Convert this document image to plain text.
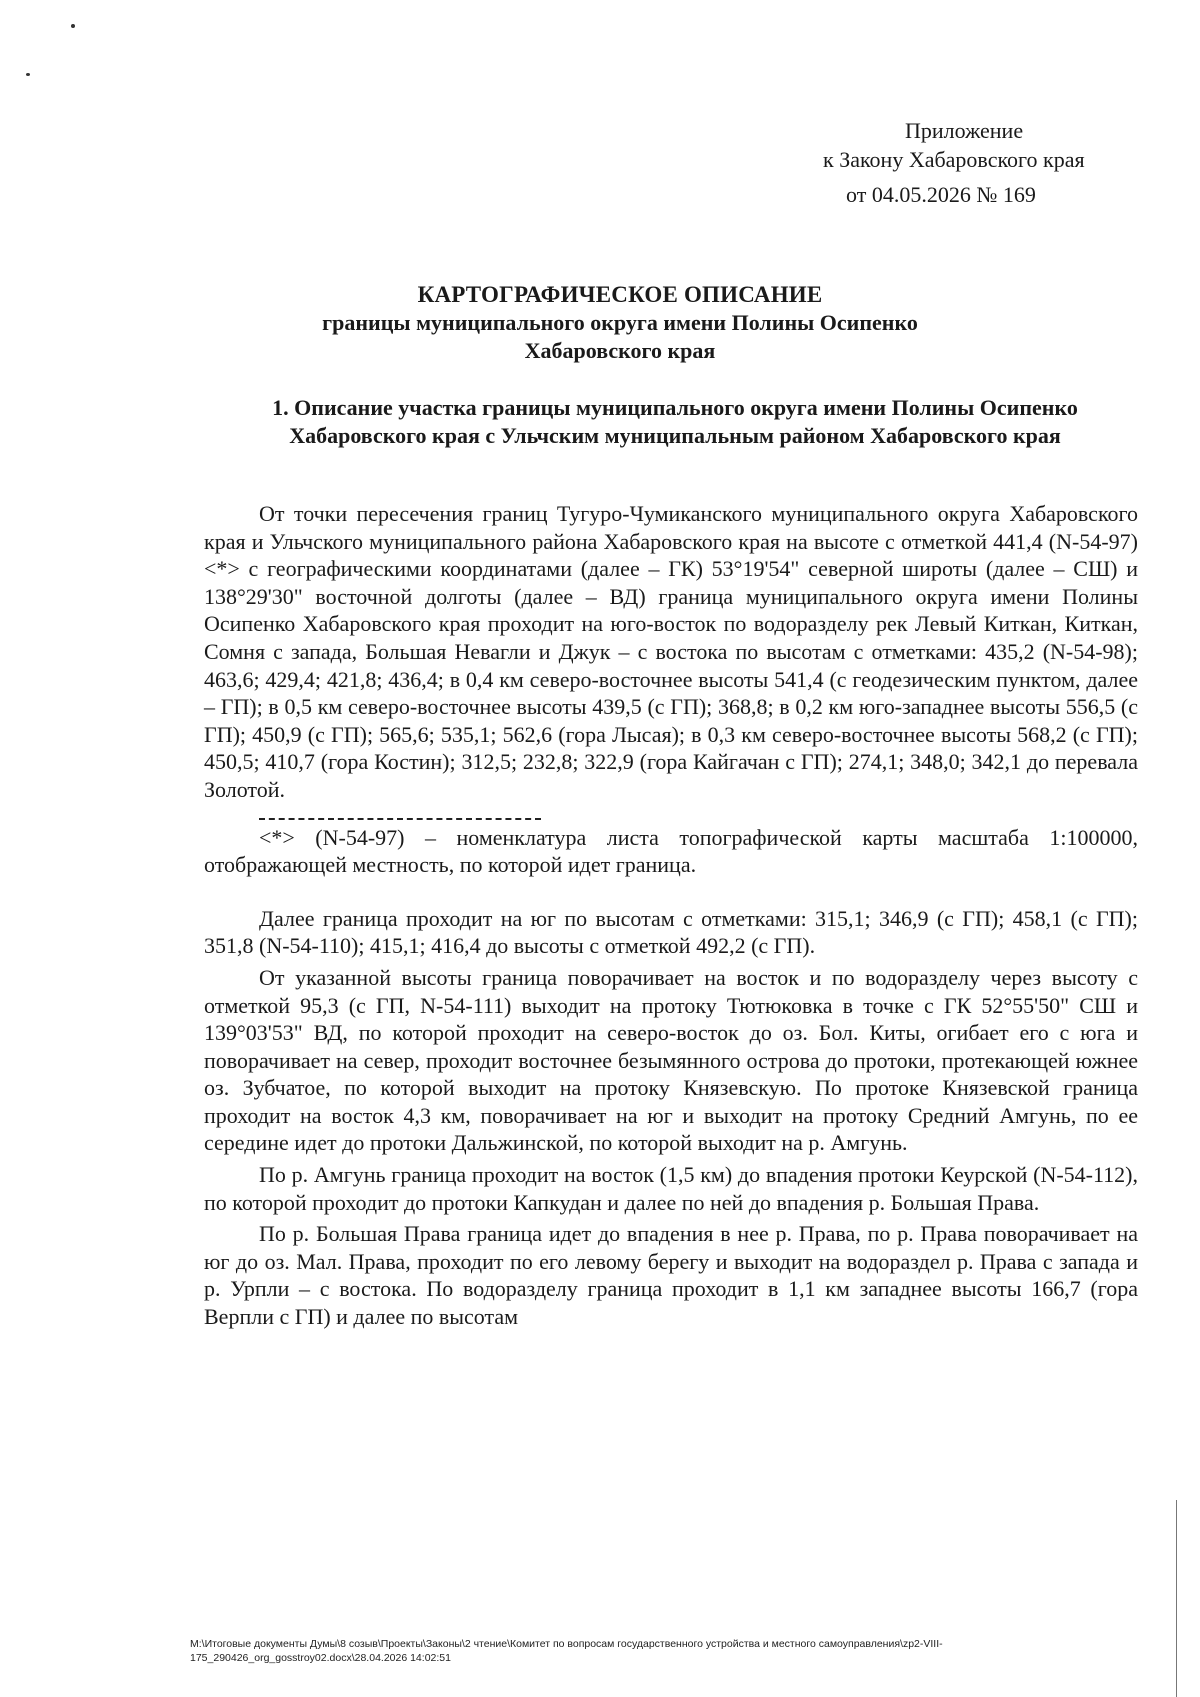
Приложение
к Закону Хабаровского края
от 04.05.2026 № 169
КАРТОГРАФИЧЕСКОЕ ОПИСАНИЕ
границы муниципального округа имени Полины Осипенко
Хабаровского края
1. Описание участка границы муниципального округа имени Полины Осипенко Хабаровского края с Ульчским муниципальным районом Хабаровского края

От точки пересечения границ Тугуро-Чумиканского муниципального округа Хабаровского края и Ульчского муниципального района Хабаровского края на высоте с отметкой 441,4 (N-54-97)<*> с географическими координатами (далее – ГК) 53°19'54" северной широты (далее – СШ) и 138°29'30" восточной долготы (далее – ВД) граница муниципального округа имени Полины Осипенко Хабаровского края проходит на юго-восток по водоразделу рек Левый Киткан, Киткан, Сомня с запада, Большая Невагли и Джук – с востока по высотам с отметками: 435,2 (N-54-98); 463,6; 429,4; 421,8; 436,4; в 0,4 км северо-восточнее высоты 541,4 (с геодезическим пунктом, далее – ГП); в 0,5 км северо-восточнее высоты 439,5 (с ГП); 368,8; в 0,2 км юго-западнее высоты 556,5 (с ГП); 450,9 (с ГП); 565,6; 535,1; 562,6 (гора Лысая); в 0,3 км северо-восточнее высоты 568,2 (с ГП); 450,5; 410,7 (гора Костин); 312,5; 232,8; 322,9 (гора Кайгачан с ГП); 274,1; 348,0; 342,1 до перевала Золотой.

<*> (N-54-97) – номенклатура листа топографической карты масштаба 1:100000, отображающей местность, по которой идет граница.

Далее граница проходит на юг по высотам с отметками: 315,1; 346,9 (с ГП); 458,1 (с ГП); 351,8 (N-54-110); 415,1; 416,4 до высоты с отметкой 492,2 (с ГП).

От указанной высоты граница поворачивает на восток и по водоразделу через высоту с отметкой 95,3 (с ГП, N-54-111) выходит на протоку Тютюковка в точке с ГК 52°55'50" СШ и 139°03'53" ВД, по которой проходит на северо-восток до оз. Бол. Киты, огибает его с юга и поворачивает на север, проходит восточнее безымянного острова до протоки, протекающей южнее оз. Зубчатое, по которой выходит на протоку Князевскую. По протоке Князевской граница проходит на восток 4,3 км, поворачивает на юг и выходит на протоку Средний Амгунь, по ее середине идет до протоки Дальжинской, по которой выходит на р. Амгунь.

По р. Амгунь граница проходит на восток (1,5 км) до впадения протоки Кеурской (N-54-112), по которой проходит до протоки Капкудан и далее по ней до впадения р. Большая Права.

По р. Большая Права граница идет до впадения в нее р. Права, по р. Права поворачивает на юг до оз. Мал. Права, проходит по его левому берегу и выходит на водораздел р. Права с запада и р. Урпли – с востока. По водоразделу граница проходит в 1,1 км западнее высоты 166,7 (гора Верпли с ГП) и далее по высотам

М:\Итоговые документы Думы\8 созыв\Проекты\Законы\2 чтение\Комитет по вопросам государственного устройства и местного самоуправления\zp2-VIII-175_290426_org_gosstroy02.docx\28.04.2026 14:02:51
